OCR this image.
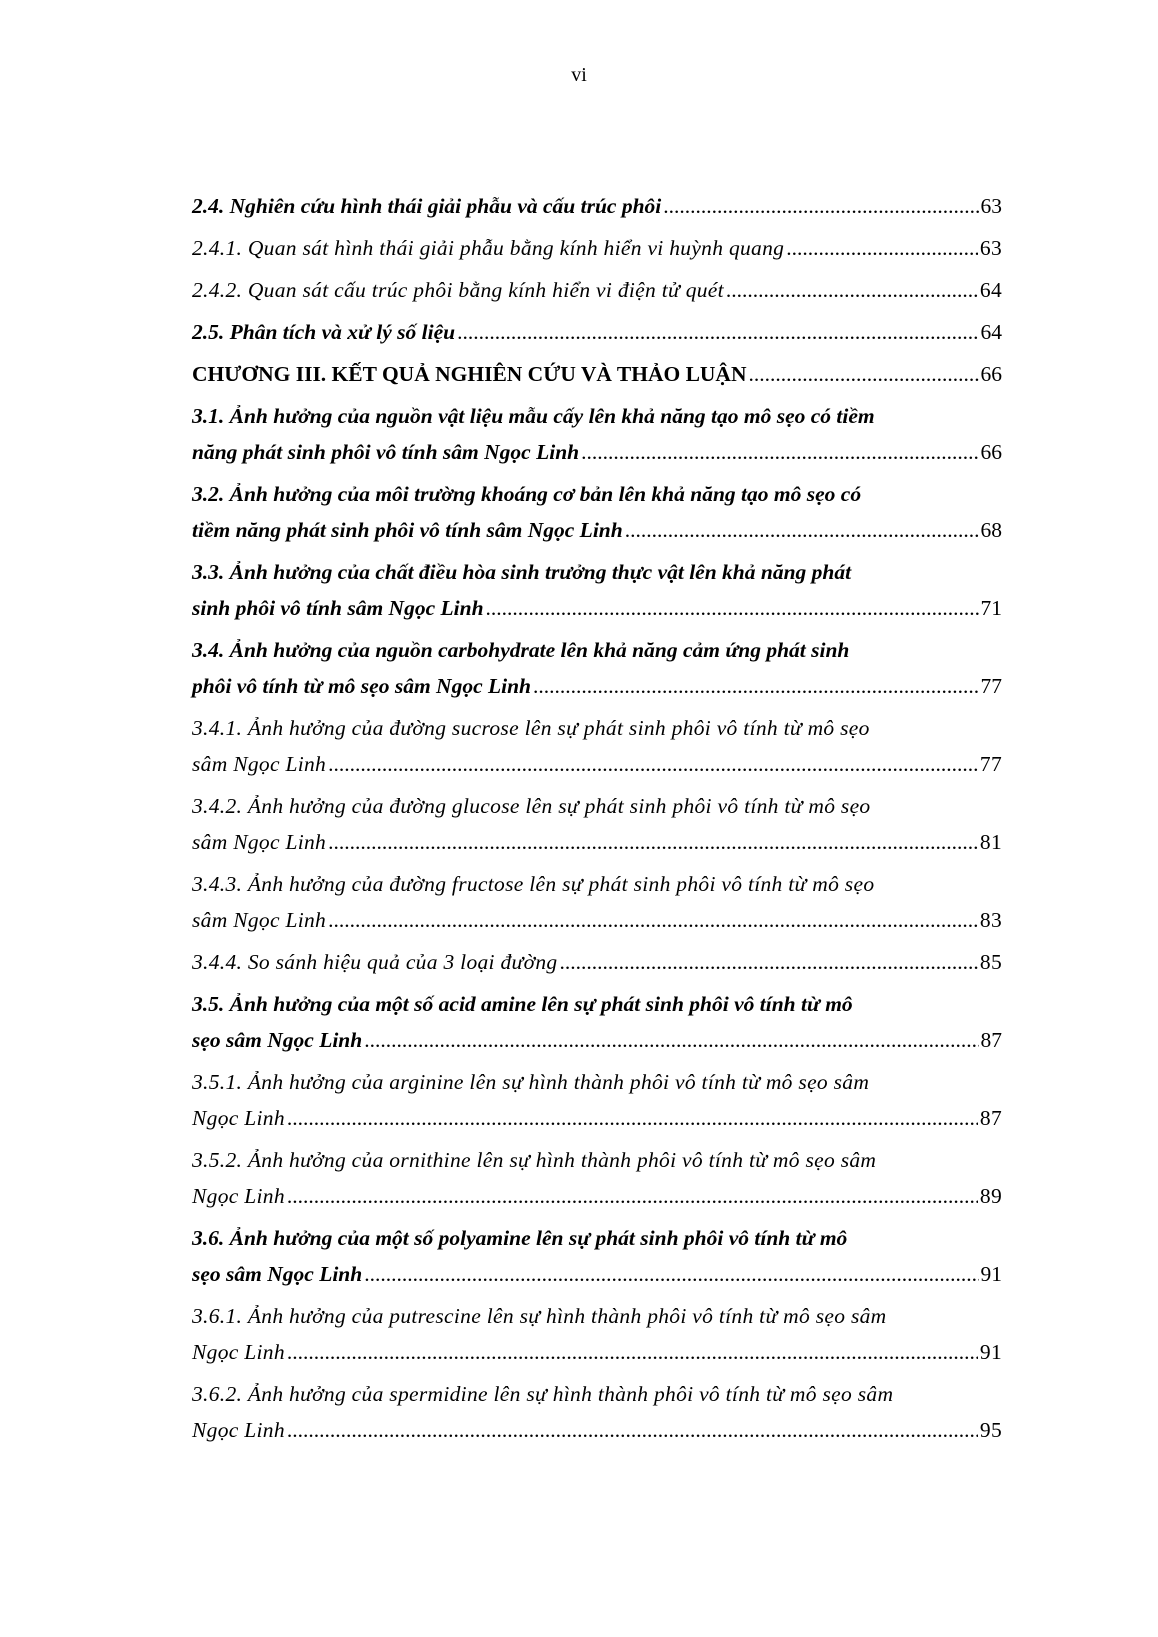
vi
2.4. Nghiên cứu hình thái giải phẫu và cấu trúc phôi .....	63
2.4.1. Quan sát hình thái giải phẫu bằng kính hiển vi huỳnh quang .....	63
2.4.2. Quan sát cấu trúc phôi bằng kính hiển vi điện tử quét .....	64
2.5. Phân tích và xử lý số liệu .....	64
CHƯƠNG III. KẾT QUẢ NGHIÊN CỨU VÀ THẢO LUẬN .....	66
3.1. Ảnh hưởng của nguồn vật liệu mẫu cấy lên khả năng tạo mô sẹo có tiềm
năng phát sinh phôi vô tính sâm Ngọc Linh .....	66
3.2. Ảnh hưởng của môi trường khoáng cơ bản lên khả năng tạo mô sẹo có
tiềm năng phát sinh phôi vô tính sâm Ngọc Linh .....	68
3.3. Ảnh hưởng của chất điều hòa sinh trưởng thực vật lên khả năng phát
sinh phôi vô tính sâm Ngọc Linh .....	71
3.4. Ảnh hưởng của nguồn carbohydrate lên khả năng cảm ứng phát sinh
phôi vô tính từ mô sẹo sâm Ngọc Linh .....	77
3.4.1. Ảnh hưởng của đường sucrose lên sự phát sinh phôi vô tính từ mô sẹo
sâm Ngọc Linh .....	77
3.4.2. Ảnh hưởng của đường glucose lên sự phát sinh phôi vô tính từ mô sẹo
sâm Ngọc Linh .....	81
3.4.3. Ảnh hưởng của đường fructose lên sự phát sinh phôi vô tính từ mô sẹo
sâm Ngọc Linh .....	83
3.4.4. So sánh hiệu quả của 3 loại đường .....	85
3.5. Ảnh hưởng của một số acid amine lên sự phát sinh phôi vô tính từ mô
sẹo sâm Ngọc Linh .....	87
3.5.1. Ảnh hưởng của arginine lên sự hình thành phôi vô tính từ mô sẹo sâm
Ngọc Linh .....	87
3.5.2. Ảnh hưởng của ornithine lên sự hình thành phôi vô tính từ mô sẹo sâm
Ngọc Linh .....	89
3.6. Ảnh hưởng của một số polyamine lên sự phát sinh phôi vô tính từ mô
sẹo sâm Ngọc Linh .....	91
3.6.1. Ảnh hưởng của putrescine lên sự hình thành phôi vô tính từ mô sẹo sâm
Ngọc Linh .....	91
3.6.2. Ảnh hưởng của spermidine lên sự hình thành phôi vô tính từ mô sẹo sâm
Ngọc Linh .....	95
